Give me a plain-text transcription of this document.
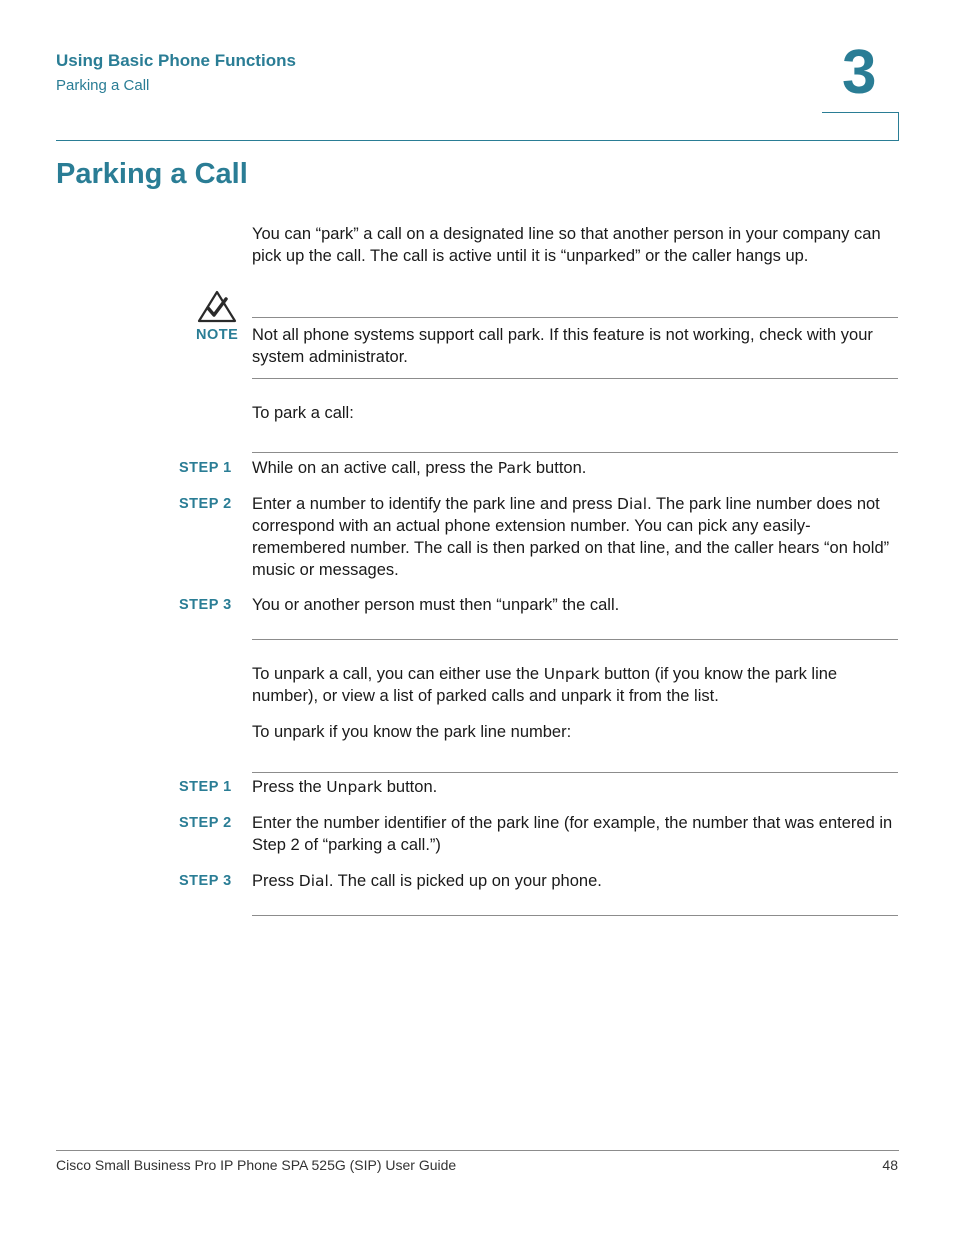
Using Basic Phone Functions
Parking a Call	3
Parking a Call
You can “park” a call on a designated line so that another person in your company can pick up the call. The call is active until it is “unparked” or the caller hangs up.
NOTE Not all phone systems support call park. If this feature is not working, check with your system administrator.
To park a call:
STEP 1 While on an active call, press the Park button.
STEP 2 Enter a number to identify the park line and press Dial. The park line number does not correspond with an actual phone extension number. You can pick any easily-remembered number. The call is then parked on that line, and the caller hears “on hold” music or messages.
STEP 3 You or another person must then “unpark” the call.
To unpark a call, you can either use the Unpark button (if you know the park line number), or view a list of parked calls and unpark it from the list.
To unpark if you know the park line number:
STEP 1 Press the Unpark button.
STEP 2 Enter the number identifier of the park line (for example, the number that was entered in Step 2 of “parking a call.”)
STEP 3 Press Dial. The call is picked up on your phone.
Cisco Small Business Pro IP Phone SPA 525G (SIP) User Guide	48
